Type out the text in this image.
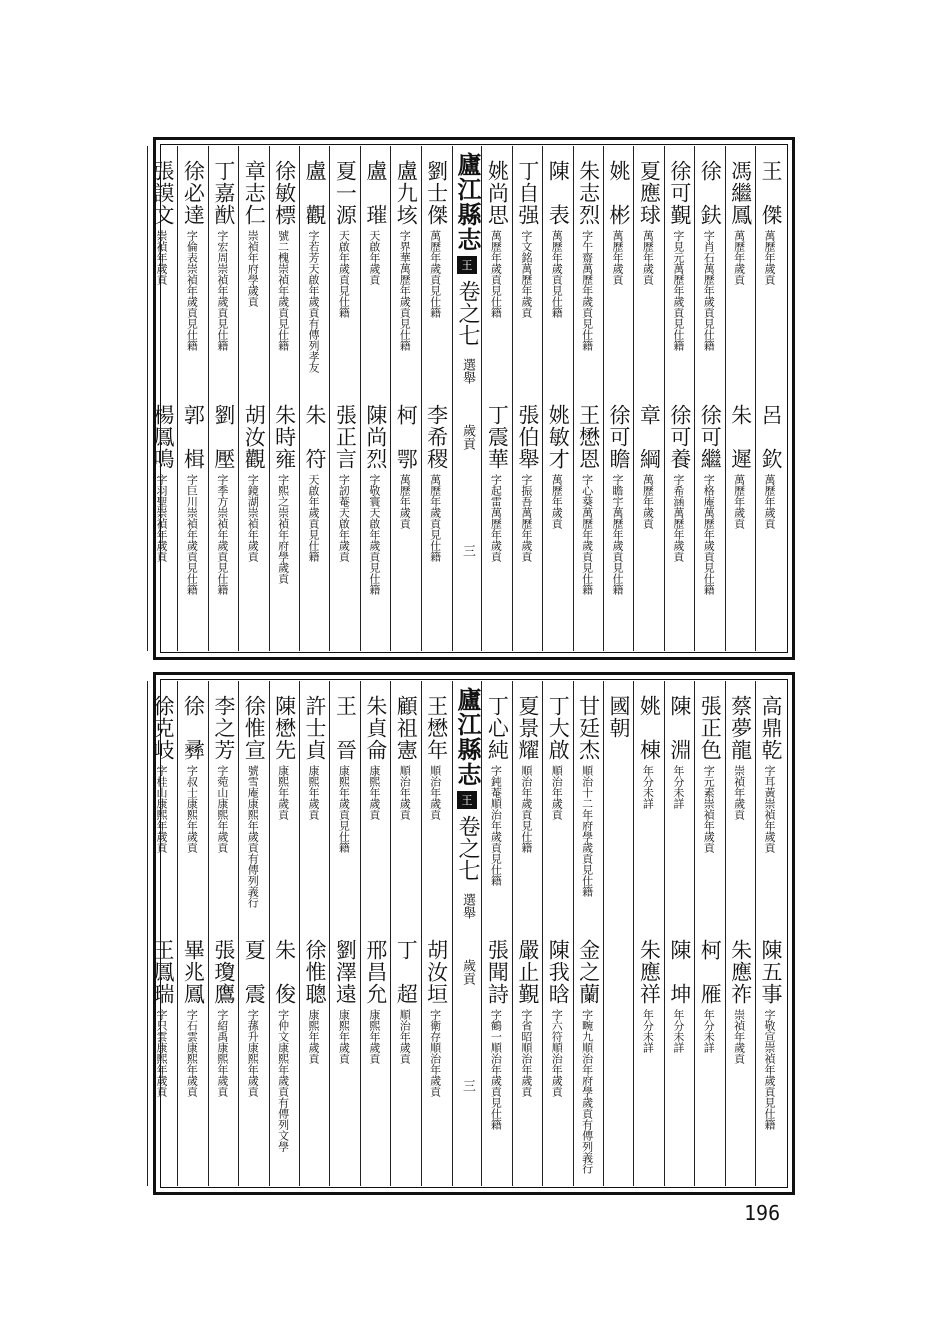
王　傑
萬歷年歲貢
呂　欽
萬歷年歲貢
馮繼鳳
萬歷年歲貢
朱　遲
萬歷年歲貢
徐　鈇
字肖石萬歷年歲貢見仕籍
徐可繼
字格庵萬歷年歲貢見仕籍
徐可覲
字見元萬歷年歲貢見仕籍
徐可養
字希涵萬歷年歲貢
夏應球
萬歷年歲貢
章　綱
萬歷年歲貢
姚　彬
萬歷年歲貢
徐可瞻
字瞻宇萬歷年歲貢見仕籍
朱志烈
字午齋萬歷年歲貢見仕籍
王懋恩
字心葵萬歷年歲貢見仕籍
陳　表
萬歷年歲貢見仕籍
姚敏才
萬歷年歲貢
丁自强
字文銘萬歷年歲貢
張伯舉
字振吾萬歷年歲貢
姚尚思
萬歷年歲貢見仕籍
丁震華
字起雷萬歷年歲貢
劉士傑
萬歷年歲貢見仕籍
李希稷
萬歷年歲貢見仕籍
盧九垓
字界華萬歷年歲貢見仕籍
柯　鄂
萬歷年歲貢
盧　璀
天啟年歲貢
陳尚烈
字敬寰天啟年歲貢見仕籍
夏一源
天啟年歲貢見仕籍
張正言
字訒菴天啟年歲貢
盧　觀
字若芳天啟年歲貢有傳列孝友
朱　符
天啟年歲貢見仕籍
徐敏標
號二槐崇禎年歲貢見仕籍
朱時雍
字熙之崇禎年府學歲貢
章志仁
崇禎年府學歲貢
胡汝觀
字鏡湖崇禎年歲貢
丁嘉猷
字宏周崇禎年歲貢見仕籍
劉　壓
字季方崇禎年歲貢見仕籍
徐必達
字倫表崇禎年歲貢見仕籍
郭　楫
字巨川崇禎年歲貢見仕籍
張謨文
崇禎年歲貢
楊鳳鳴
字羽聖崇禎年歲貢
廬江縣志
王
卷之七
選舉
歲貢
三
高鼎乾
字耳黃崇禎年歲貢
陳五事
字敬宣崇禎年歲貢見仕籍
蔡夢龍
崇禎年歲貢
朱應祚
崇禎年歲貢
張正色
字元素崇禎年歲貢
柯　雁
年分未詳
陳　淵
年分未詳
陳　坤
年分未詳
姚　棟
年分未詳
朱應祥
年分未詳
國朝
甘廷杰
順治十二年府學歲貢見仕籍
金之蘭
字畹九順治年府學歲貢有傳列義行
丁大啟
順治年歲貢
陳我晗
字六符順治年歲貢
夏景耀
順治年歲貢見仕籍
嚴止覲
字省昭順治年歲貢
丁心純
字鈍菴順治年歲貢見仕籍
張聞詩
字鶴一順治年歲貢見仕籍
王懋年
順治年歲貢
胡汝垣
字衛存順治年歲貢
顧祖憲
順治年歲貢
丁　超
順治年歲貢
朱貞侖
康熙年歲貢
邢昌允
康熙年歲貢
王　晉
康熙年歲貢見仕籍
劉澤遠
康熙年歲貢
許士貞
康熙年歲貢
徐惟聰
康熙年歲貢
陳懋先
康熙年歲貢
朱　俊
字仲文康熙年歲貢有傳列文學
徐惟宣
號雪庵康熙年歲貢有傳列義行
夏　震
字蓀升康熙年歲貢
李之芳
字菀山康熙年歲貢
張瓊鷹
字紹禹康熙年歲貢
徐　彞
字叔士康熙年歲貢
畢兆鳳
字石雲康熙年歲貢
徐克岐
字桂山康熙年歲貢
王鳳瑞
字只雲康熙年歲貢
廬江縣志
王
卷之七
選舉
歲貢
三
196
